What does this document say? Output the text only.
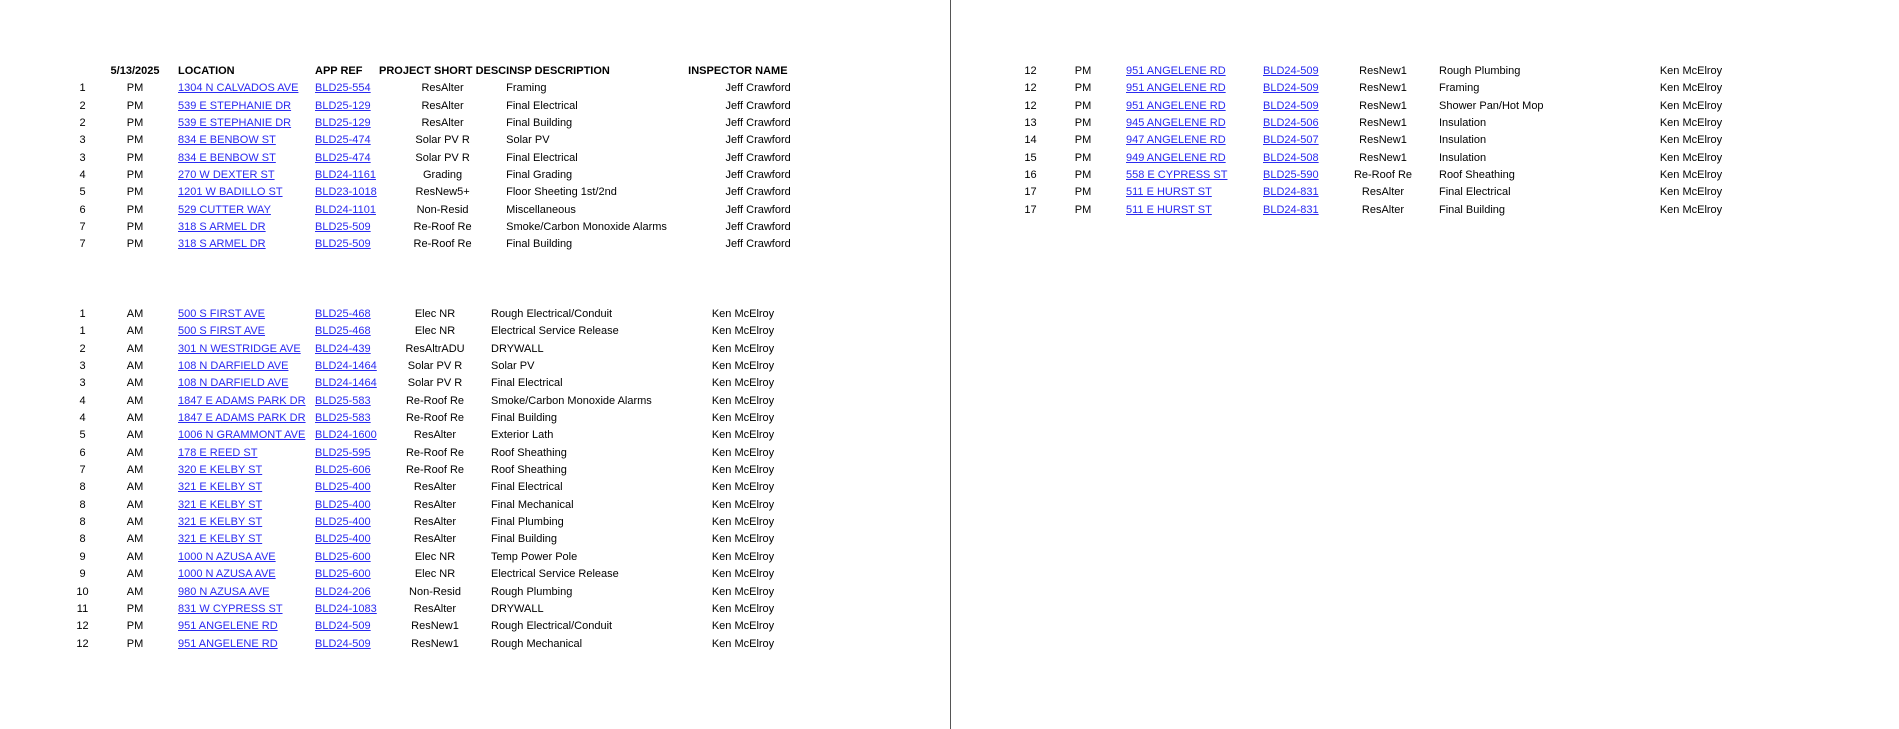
	5/13/2025	LOCATION	APP REF	PROJECT SHORT DESC	INSP DESCRIPTION	INSPECTOR NAME
1	PM	1304 N CALVADOS AVE	BLD25-554	ResAlter	Framing	Jeff Crawford
2	PM	539 E STEPHANIE DR	BLD25-129	ResAlter	Final Electrical	Jeff Crawford
2	PM	539 E STEPHANIE DR	BLD25-129	ResAlter	Final Building	Jeff Crawford
3	PM	834 E BENBOW ST	BLD25-474	Solar PV R	Solar PV	Jeff Crawford
3	PM	834 E BENBOW ST	BLD25-474	Solar PV R	Final Electrical	Jeff Crawford
4	PM	270 W DEXTER ST	BLD24-1161	Grading	Final Grading	Jeff Crawford
5	PM	1201 W BADILLO ST	BLD23-1018	ResNew5+	Floor Sheeting 1st/2nd	Jeff Crawford
6	PM	529 CUTTER WAY	BLD24-1101	Non-Resid	Miscellaneous	Jeff Crawford
7	PM	318 S ARMEL DR	BLD25-509	Re-Roof Re	Smoke/Carbon Monoxide Alarms	Jeff Crawford
7	PM	318 S ARMEL DR	BLD25-509	Re-Roof Re	Final Building	Jeff Crawford
1	AM	500 S FIRST AVE	BLD25-468	Elec NR	Rough Electrical/Conduit	Ken McElroy
1	AM	500 S FIRST AVE	BLD25-468	Elec NR	Electrical Service Release	Ken McElroy
2	AM	301 N WESTRIDGE AVE	BLD24-439	ResAltrADU	DRYWALL	Ken McElroy
3	AM	108 N DARFIELD AVE	BLD24-1464	Solar PV R	Solar PV	Ken McElroy
3	AM	108 N DARFIELD AVE	BLD24-1464	Solar PV R	Final Electrical	Ken McElroy
4	AM	1847 E ADAMS PARK DR	BLD25-583	Re-Roof Re	Smoke/Carbon Monoxide Alarms	Ken McElroy
4	AM	1847 E ADAMS PARK DR	BLD25-583	Re-Roof Re	Final Building	Ken McElroy
5	AM	1006 N GRAMMONT AVE	BLD24-1600	ResAlter	Exterior Lath	Ken McElroy
6	AM	178 E REED ST	BLD25-595	Re-Roof Re	Roof Sheathing	Ken McElroy
7	AM	320 E KELBY ST	BLD25-606	Re-Roof Re	Roof Sheathing	Ken McElroy
8	AM	321 E KELBY ST	BLD25-400	ResAlter	Final Electrical	Ken McElroy
8	AM	321 E KELBY ST	BLD25-400	ResAlter	Final Mechanical	Ken McElroy
8	AM	321 E KELBY ST	BLD25-400	ResAlter	Final Plumbing	Ken McElroy
8	AM	321 E KELBY ST	BLD25-400	ResAlter	Final Building	Ken McElroy
9	AM	1000 N AZUSA AVE	BLD25-600	Elec NR	Temp Power Pole	Ken McElroy
9	AM	1000 N AZUSA AVE	BLD25-600	Elec NR	Electrical Service Release	Ken McElroy
10	AM	980 N AZUSA AVE	BLD24-206	Non-Resid	Rough Plumbing	Ken McElroy
11	PM	831 W CYPRESS ST	BLD24-1083	ResAlter	DRYWALL	Ken McElroy
12	PM	951 ANGELENE RD	BLD24-509	ResNew1	Rough Electrical/Conduit	Ken McElroy
12	PM	951 ANGELENE RD	BLD24-509	ResNew1	Rough Mechanical	Ken McElroy
12	PM	951 ANGELENE RD	BLD24-509	ResNew1	Rough Plumbing	Ken McElroy
12	PM	951 ANGELENE RD	BLD24-509	ResNew1	Framing	Ken McElroy
12	PM	951 ANGELENE RD	BLD24-509	ResNew1	Shower Pan/Hot Mop	Ken McElroy
13	PM	945 ANGELENE RD	BLD24-506	ResNew1	Insulation	Ken McElroy
14	PM	947 ANGELENE RD	BLD24-507	ResNew1	Insulation	Ken McElroy
15	PM	949 ANGELENE RD	BLD24-508	ResNew1	Insulation	Ken McElroy
16	PM	558 E CYPRESS ST	BLD25-590	Re-Roof Re	Roof Sheathing	Ken McElroy
17	PM	511 E HURST ST	BLD24-831	ResAlter	Final Electrical	Ken McElroy
17	PM	511 E HURST ST	BLD24-831	ResAlter	Final Building	Ken McElroy
